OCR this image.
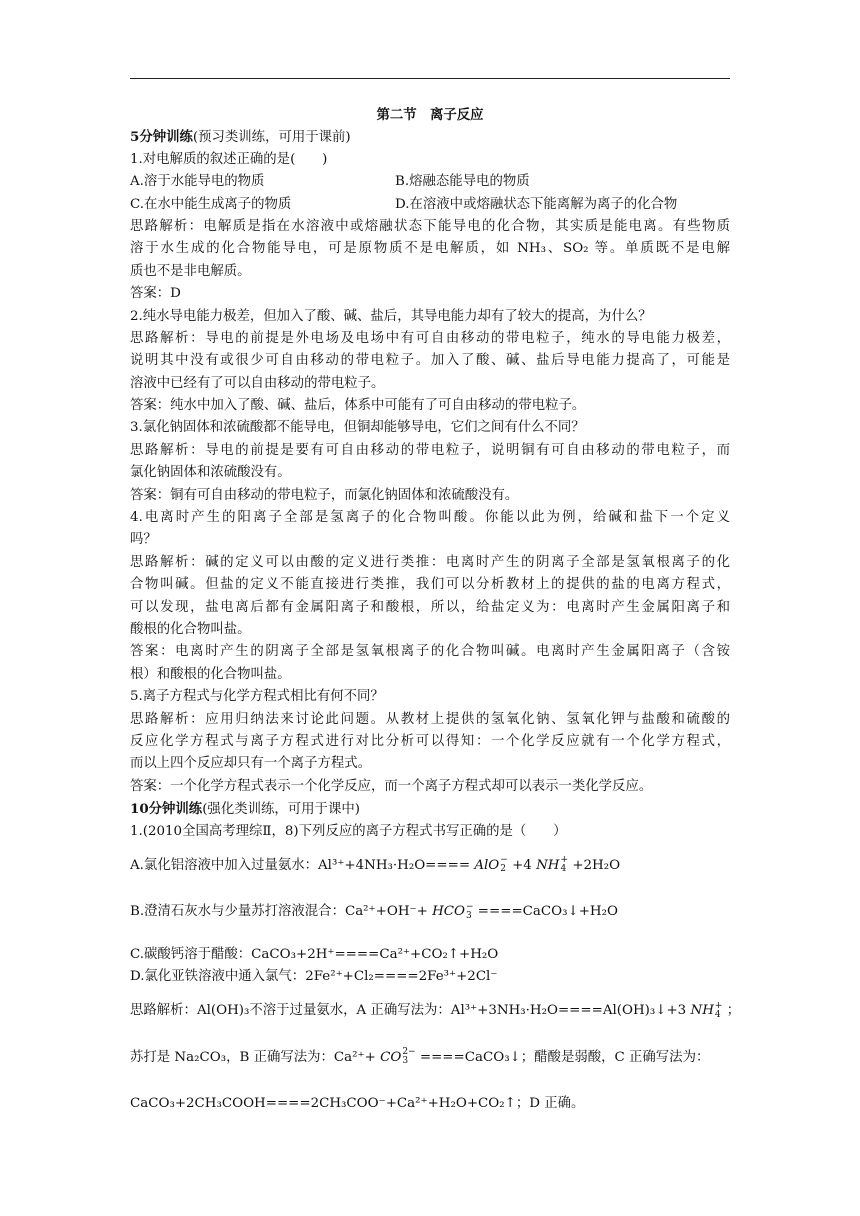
第二节　离子反应
5分钟训练(预习类训练，可用于课前)
1.对电解质的叙述正确的是(　　)
A.溶于水能导电的物质	B.熔融态能导电的物质
C.在水中能生成离子的物质	D.在溶液中或熔融状态下能离解为离子的化合物
思路解析：电解质是指在水溶液中或熔融状态下能导电的化合物，其实质是能电离。有些物质
溶于水生成的化合物能导电，可是原物质不是电解质，如 NH₃、SO₂ 等。单质既不是电解
质也不是非电解质。
答案：D
2.纯水导电能力极差，但加入了酸、碱、盐后，其导电能力却有了较大的提高，为什么？
思路解析：导电的前提是外电场及电场中有可自由移动的带电粒子，纯水的导电能力极差，
说明其中没有或很少可自由移动的带电粒子。加入了酸、碱、盐后导电能力提高了，可能是
溶液中已经有了可以自由移动的带电粒子。
答案：纯水中加入了酸、碱、盐后，体系中可能有了可自由移动的带电粒子。
3.氯化钠固体和浓硫酸都不能导电，但铜却能够导电，它们之间有什么不同？
思路解析：导电的前提是要有可自由移动的带电粒子，说明铜有可自由移动的带电粒子，而
氯化钠固体和浓硫酸没有。
答案：铜有可自由移动的带电粒子，而氯化钠固体和浓硫酸没有。
4.电离时产生的阳离子全部是氢离子的化合物叫酸。你能以此为例，给碱和盐下一个定义
吗？
思路解析：碱的定义可以由酸的定义进行类推：电离时产生的阴离子全部是氢氧根离子的化
合物叫碱。但盐的定义不能直接进行类推，我们可以分析教材上的提供的盐的电离方程式，
可以发现，盐电离后都有金属阳离子和酸根，所以，给盐定义为：电离时产生金属阳离子和
酸根的化合物叫盐。
答案：电离时产生的阴离子全部是氢氧根离子的化合物叫碱。电离时产生金属阳离子（含铵
根）和酸根的化合物叫盐。
5.离子方程式与化学方程式相比有何不同？
思路解析：应用归纳法来讨论此问题。从教材上提供的氢氧化钠、氢氧化钾与盐酸和硫酸的
反应化学方程式与离子方程式进行对比分析可以得知：一个化学反应就有一个化学方程式，
而以上四个反应却只有一个离子方程式。
答案：一个化学方程式表示一个化学反应，而一个离子方程式却可以表示一类化学反应。
10分钟训练(强化类训练，可用于课中)
1.(2010全国高考理综Ⅱ，8)下列反应的离子方程式书写正确的是（　　）
A.氯化铝溶液中加入过量氨水：Al³⁺+4NH₃·H₂O==== AlO −
2 +4 NH +
4 +2H₂O
B.澄清石灰水与少量苏打溶液混合：Ca²⁺+OH⁻+ HCO −
3 ====CaCO₃↓+H₂O
C.碳酸钙溶于醋酸：CaCO₃+2H⁺====Ca²⁺+CO₂↑+H₂O
D.氯化亚铁溶液中通入氯气：2Fe²⁺+Cl₂====2Fe³⁺+2Cl⁻
思路解析：Al(OH)₃不溶于过量氨水，A 正确写法为：Al³⁺+3NH₃·H₂O====Al(OH)₃↓+3 NH +
4 ；
苏打是 Na₂CO₃，B 正确写法为：Ca²⁺+ CO 2−
3 ====CaCO₃↓；醋酸是弱酸，C 正确写法为：
CaCO₃+2CH₃COOH====2CH₃COO⁻+Ca²⁺+H₂O+CO₂↑；D 正确。
